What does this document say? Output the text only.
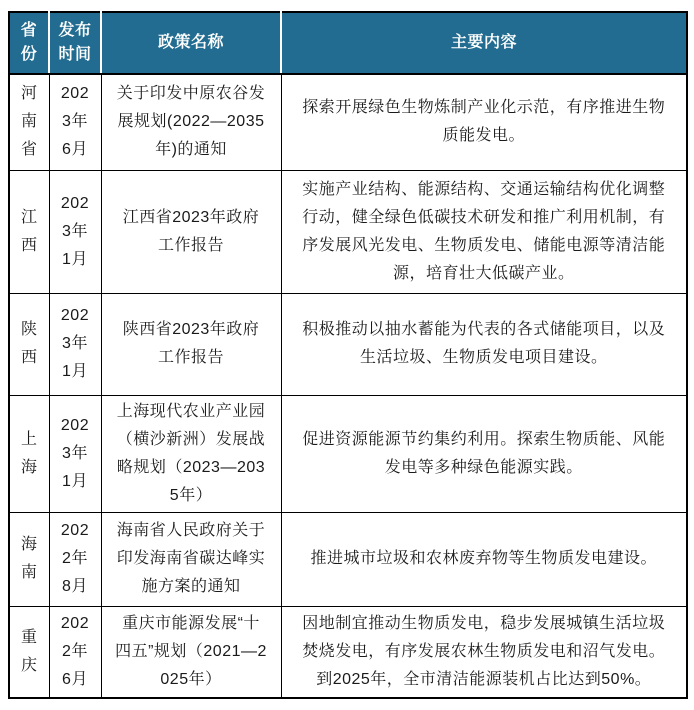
省份	发布时间	政策名称	主要内容
河南省	2023年6月	关于印发中原农谷发展规划(2022—2035年)的通知	探索开展绿色生物炼制产业化示范，有序推进生物质能发电。
江西	2023年1月	江西省2023年政府工作报告	实施产业结构、能源结构、交通运输结构优化调整行动，健全绿色低碳技术研发和推广利用机制，有序发展风光发电、生物质发电、储能电源等清洁能源，培育壮大低碳产业。
陕西	2023年1月	陕西省2023年政府工作报告	积极推动以抽水蓄能为代表的各式储能项目，以及生活垃圾、生物质发电项目建设。
上海	2023年1月	上海现代农业产业园（横沙新洲）发展战略规划（2023—2035年）	促进资源能源节约集约利用。探索生物质能、风能发电等多种绿色能源实践。
海南	2022年8月	海南省人民政府关于印发海南省碳达峰实施方案的通知	推进城市垃圾和农林废弃物等生物质发电建设。
重庆	2022年6月	重庆市能源发展“十四五”规划（2021—2025年）	因地制宜推动生物质发电，稳步发展城镇生活垃圾焚烧发电，有序发展农林生物质发电和沼气发电。到2025年，全市清洁能源装机占比达到50%。
